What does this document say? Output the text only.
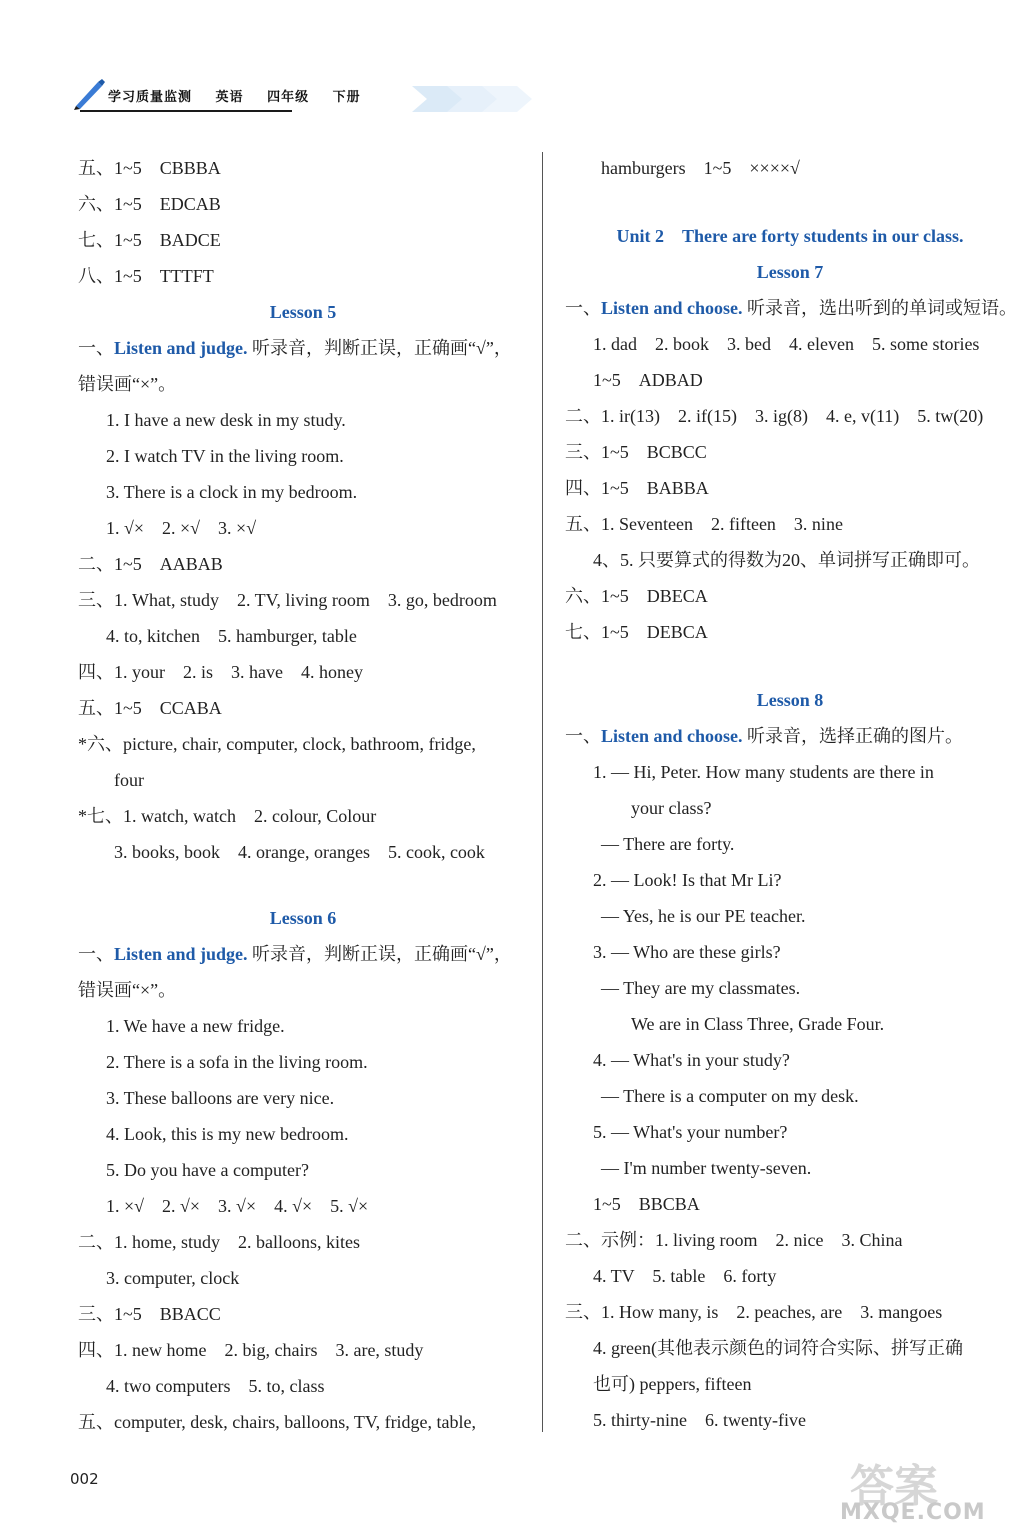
学习质量监测 英语 四年级 下册
五、1~5　CBBBA
六、1~5　EDCAB
七、1~5　BADCE
八、1~5　TTTFT
Lesson 5
一、Listen and judge. 听录音，判断正误，正确画“√”，
错误画“×”。
1. I have a new desk in my study.
2. I watch TV in the living room.
3. There is a clock in my bedroom.
1. √×　2. ×√　3. ×√
二、1~5　AABAB
三、1. What, study　2. TV, living room　3. go, bedroom
4. to, kitchen　5. hamburger, table
四、1. your　2. is　3. have　4. honey
五、1~5　CCABA
*六、picture, chair, computer, clock, bathroom, fridge,
four
*七、1. watch, watch　2. colour, Colour
3. books, book　4. orange, oranges　5. cook, cook
Lesson 6
一、Listen and judge. 听录音，判断正误，正确画“√”，
错误画“×”。
1. We have a new fridge.
2. There is a sofa in the living room.
3. These balloons are very nice.
4. Look, this is my new bedroom.
5. Do you have a computer?
1. ×√　2. √×　3. √×　4. √×　5. √×
二、1. home, study　2. balloons, kites
3. computer, clock
三、1~5　BBACC
四、1. new home　2. big, chairs　3. are, study
4. two computers　5. to, class
五、computer, desk, chairs, balloons, TV, fridge, table,
hamburgers　1~5　××××√
Unit 2　There are forty students in our class.
Lesson 7
一、Listen and choose. 听录音，选出听到的单词或短语。
1. dad　2. book　3. bed　4. eleven　5. some stories
1~5　ADBAD
二、1. ir(13)　2. if(15)　3. ig(8)　4. e, v(11)　5. tw(20)
三、1~5　BCBCC
四、1~5　BABBA
五、1. Seventeen　2. fifteen　3. nine
4、5. 只要算式的得数为20、单词拼写正确即可。
六、1~5　DBECA
七、1~5　DEBCA
Lesson 8
一、Listen and choose. 听录音，选择正确的图片。
1. — Hi, Peter. How many students are there in
your class?
— There are forty.
2. — Look! Is that Mr Li?
— Yes, he is our PE teacher.
3. — Who are these girls?
— They are my classmates.
We are in Class Three, Grade Four.
4. — What's in your study?
— There is a computer on my desk.
5. — What's your number?
— I'm number twenty-seven.
1~5　BBCBA
二、示例：1. living room　2. nice　3. China
4. TV　5. table　6. forty
三、1. How many, is　2. peaches, are　3. mangoes
4. green(其他表示颜色的词符合实际、拼写正确
也可) peppers, fifteen
5. thirty-nine　6. twenty-five
002	答案
MXQE.COM
